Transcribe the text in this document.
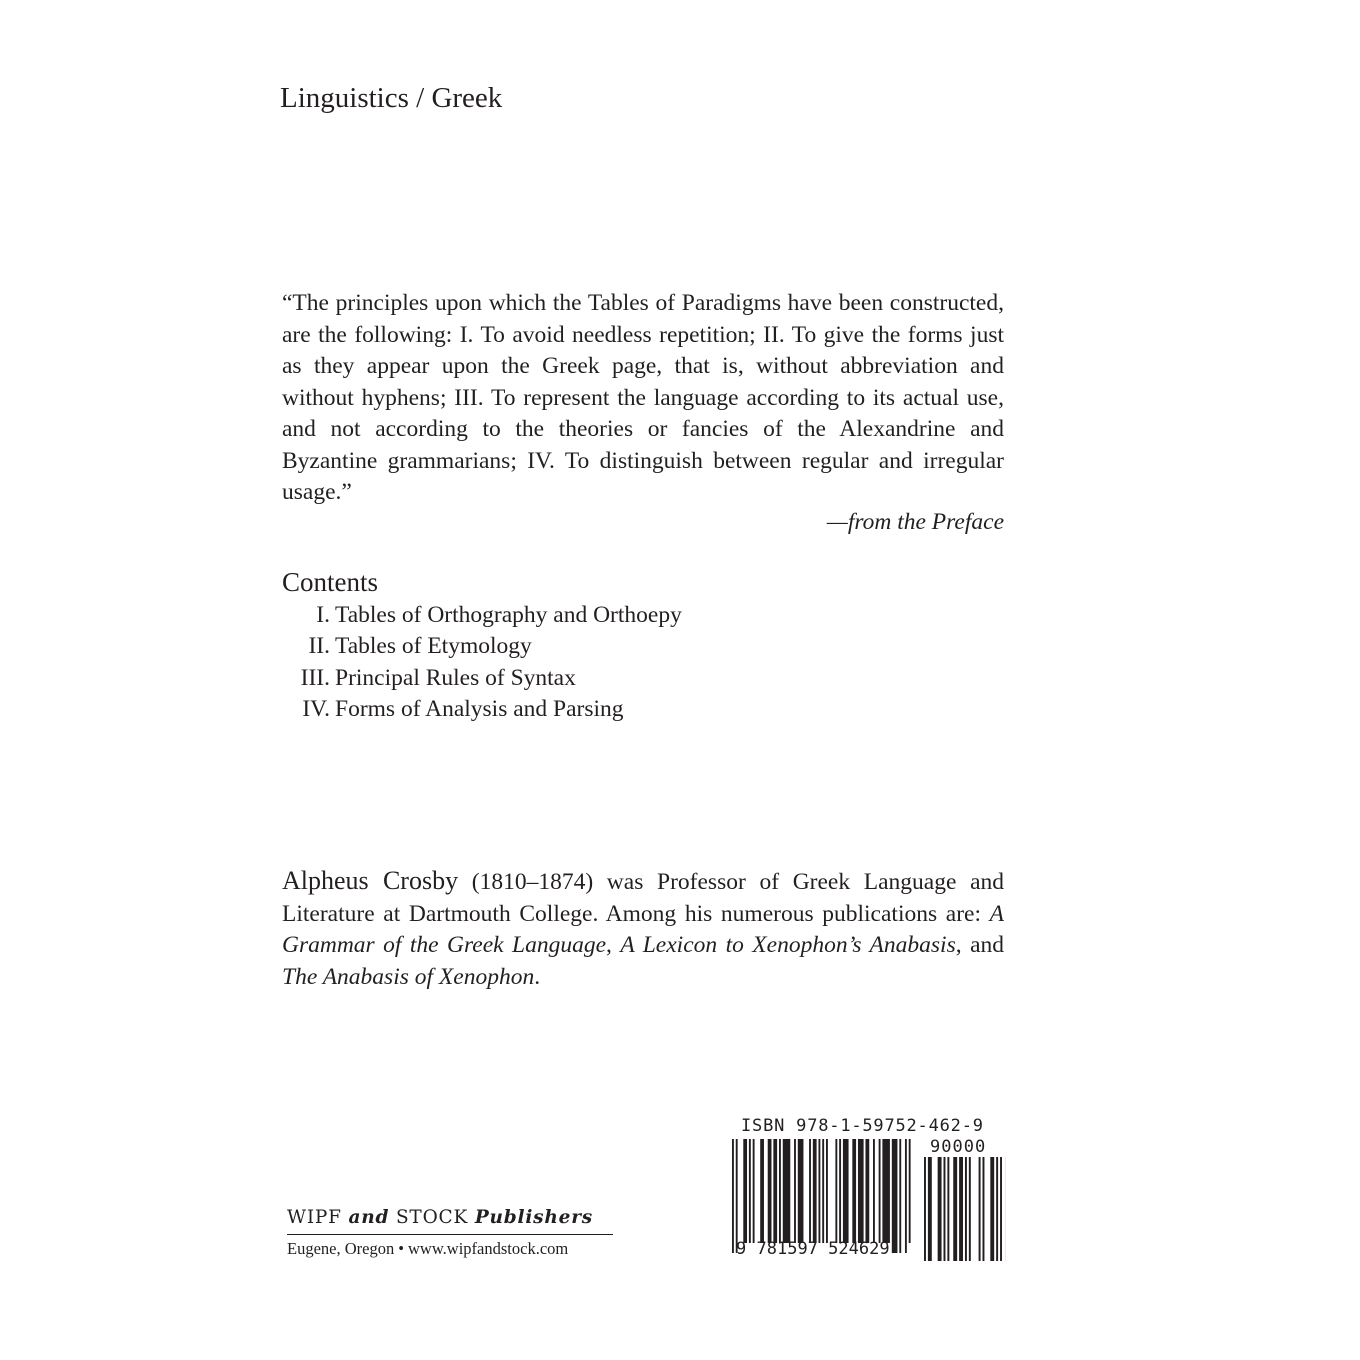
Linguistics / Greek
“The principles upon which the Tables of Paradigms have been constructed, are the following: I. To avoid needless repetition; II. To give the forms just as they appear upon the Greek page, that is, without abbreviation and without hyphens; III. To represent the language according to its actual use, and not according to the theories or fancies of the Alexandrine and Byzantine grammarians; IV. To distinguish between regular and irregular usage.”
—from the Preface
Contents
I. Tables of Orthography and Orthoepy
II. Tables of Etymology
III. Principal Rules of Syntax
IV. Forms of Analysis and Parsing
Alpheus Crosby (1810–1874) was Professor of Greek Language and Literature at Dartmouth College. Among his numerous publications are: A Grammar of the Greek Language, A Lexicon to Xenophon’s Anabasis, and The Anabasis of Xenophon.
WIPF and STOCK Publishers
Eugene, Oregon • www.wipfandstock.com
ISBN 978-1-59752-462-9
90000
9 781597 524629
